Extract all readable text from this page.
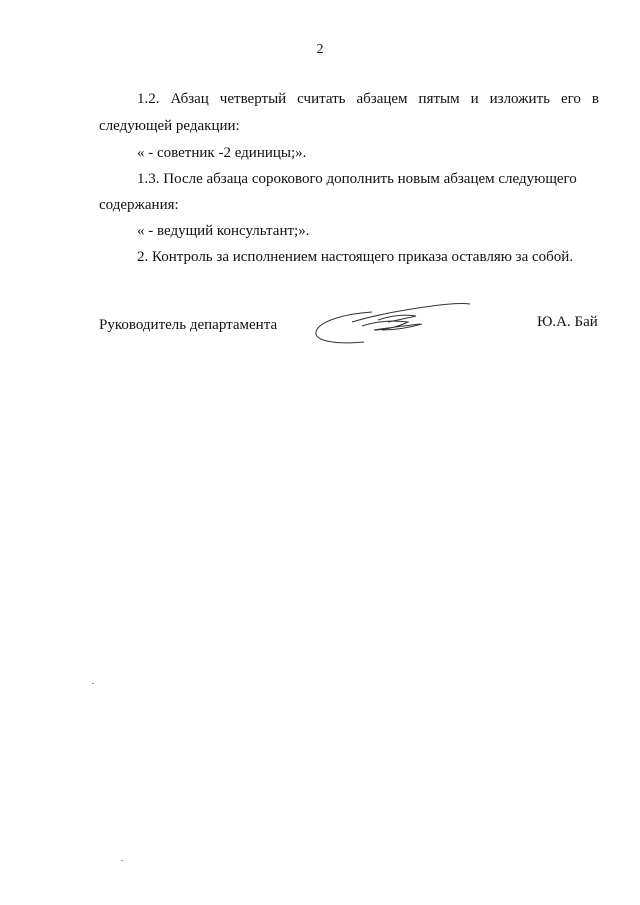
2

1.2. Абзац четвертый считать абзацем пятым и изложить его в

следующей редакции:

« - советник -2 единицы;».

1.3. После абзаца сорокового дополнить новым абзацем следующего

содержания:

« - ведущий консультант;».

2. Контроль за исполнением настоящего приказа оставляю за собой.

Руководитель департамента	Ю.А. Бай
